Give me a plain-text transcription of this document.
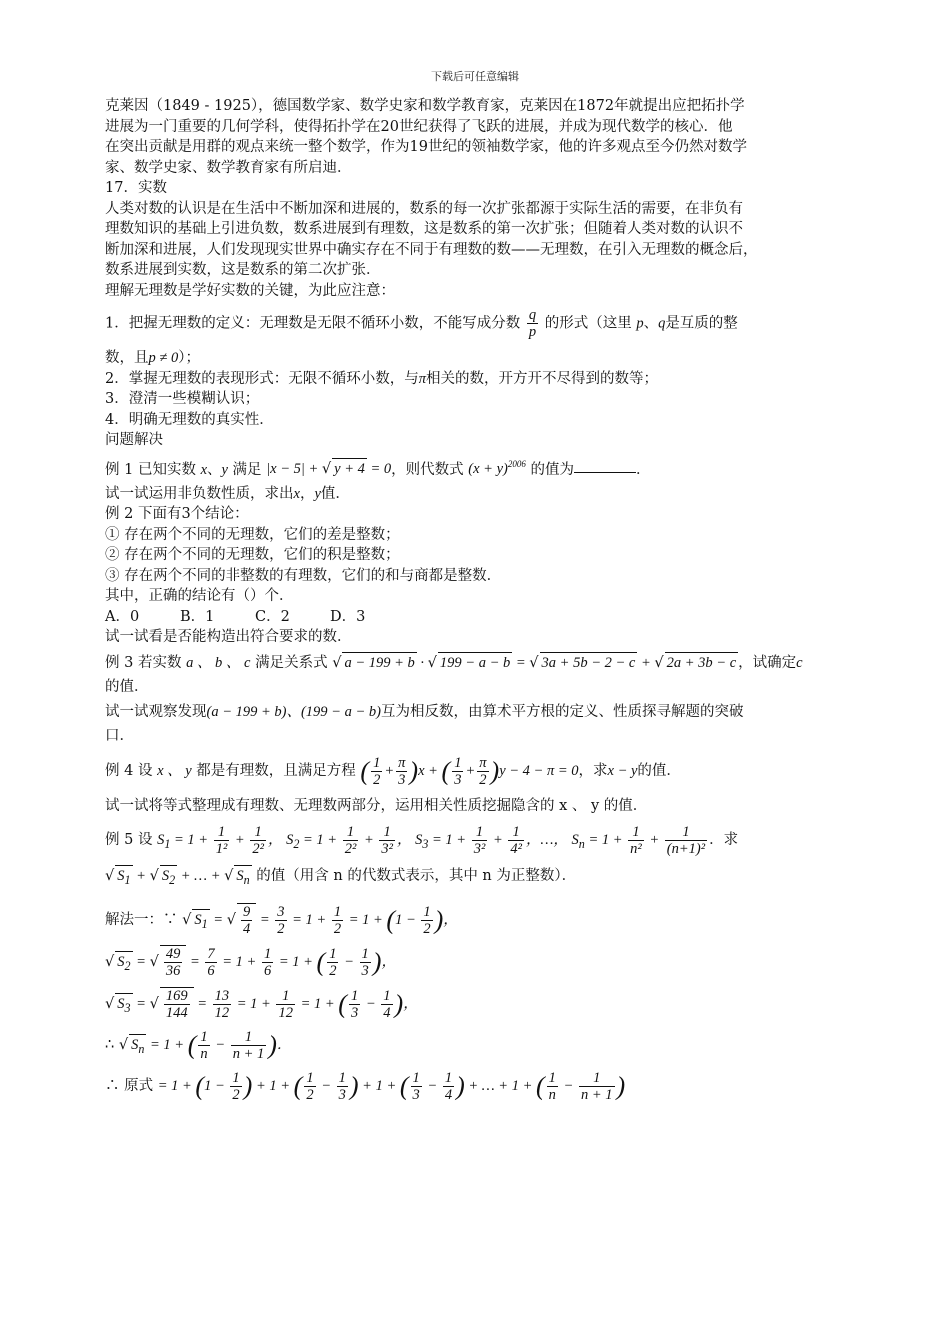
下载后可任意编辑

克莱因（1849 - 1925），德国数学家、数学史家和数学教育家，克莱因在1872年就提出应把拓扑学

进展为一门重要的几何学科，使得拓扑学在20世纪获得了飞跃的进展，并成为现代数学的核心．他

在突出贡献是用群的观点来统一整个数学，作为19世纪的领袖数学家，他的许多观点至今仍然对数学

家、数学史家、数学教育家有所启迪．

17．实数

人类对数的认识是在生活中不断加深和进展的，数系的每一次扩张都源于实际生活的需要，在非负有

理数知识的基础上引进负数，数系进展到有理数，这是数系的第一次扩张；但随着人类对数的认识不

断加深和进展，人们发现现实世界中确实存在不同于有理数的数——无理数，在引入无理数的概念后，

数系进展到实数，这是数系的第二次扩张．

理解无理数是学好实数的关键，为此应注意：

1．把握无理数的定义：无理数是无限不循环小数，不能写成分数 $\frac{q}{p}$ 的形式（这里 p、q是互质的整

数，且p ≠ 0）；

2．掌握无理数的表现形式：无限不循环小数，与π相关的数，开方开不尽得到的数等；

3．澄清一些模糊认识；

4．明确无理数的真实性．

问题解决

例 1 已知实数 x、y 满足 |x − 5| + √ y + 4 = 0，则代数式 $(x + y)^{2006}$ 的值为	．

试一试运用非负数性质，求出x，y值．

例 2 下面有3个结论：

① 存在两个不同的无理数，它们的差是整数；

② 存在两个不同的无理数，它们的积是整数；

③ 存在两个不同的非整数的有理数，它们的和与商都是整数．

其中，正确的结论有（）个．

A．0	B．1	C．2	D．3

试一试看是否能构造出符合要求的数．

例 3 若实数 a 、 b 、 c 满足关系式 √ a − 199 + b · √ 199 − a − b = √ 3a + 5b − 2 − c + √ 2a + 3b − c ，试确定c

的值．

试一试观察发现(a − 199 + b)、(199 − a − b)互为相反数，由算术平方根的定义、性质探寻解题的突破

口．

例 4 设 x 、 y 都是有理数，且满足方程 ( $\frac{1}{2} + \frac{\pi}{3} )x$ + ( $\frac{1}{3} + \frac{\pi}{2} )y - 4 - \pi = 0$，求x − y的值．

试一试将等式整理成有理数、无理数两部分，运用相关性质挖掘隐含的 x 、 y 的值．

例 5 设 $S_1 = 1 + \frac{1}{\text{1²}} + \frac{1}{\text{2²}}$ ， $S_2 = 1 + \frac{1}{\text{2²}} + \frac{1}{\text{3²}}$ ， $S_3 = 1 + \frac{1}{\text{3²}} + \frac{1}{\text{4²}}$ ，…， $S_n = 1 + \frac{1}{\text{n²}} + \frac{1}{\text{(n+1)²}}$ ．求

√ $S_1$ + √ $S_2$ + … + √ $S_n$ 的值（用含 n 的代数式表示，其中 n 为正整数）．

解法一：∵ √ $S_1$ = √ $\frac{9}{4} = \frac{3}{2} = 1 + \frac{1}{2} = 1 + (1 - \frac{1}{2}$ )，

√ $S_2$ = √ $\frac{49}{36} = \frac{7}{6} = 1 + \frac{1}{6} = 1$ + ( $\frac{1}{2} - \frac{1}{3}$ )，

√ $S_3$ = √ $\frac{169}{144} = \frac{13}{12} = 1 + \frac{1}{12} = 1$ + ( $\frac{1}{3} - \frac{1}{4}$ )，

∴ √ $S_n = 1$ + ( $\frac{1}{n} - \frac{1}{n + 1}$ )．

∴ 原式 = $1 + (1 - \frac{1}{2}$ ) + 1 + ( $\frac{1}{2} - \frac{1}{3}$ ) + 1 + ( $\frac{1}{3} - \frac{1}{4}$ ) + … + 1 + ( $\frac{1}{n} - \frac{1}{n + 1}$ )
